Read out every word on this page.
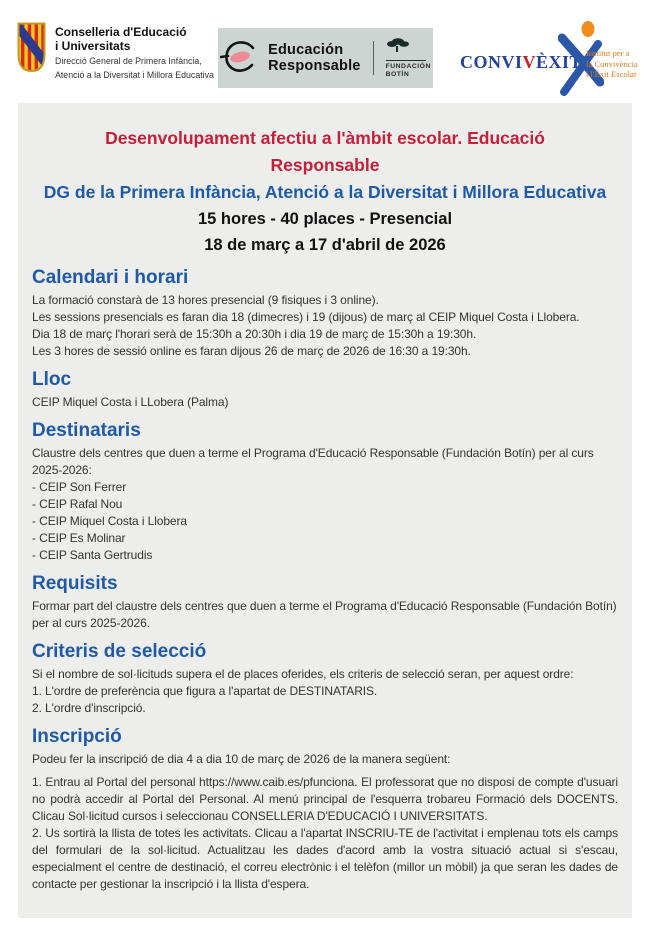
Conselleria d'Educació
i Universitats
Direcció General de Primera Infància,
Atenció a la Diversitat i Millora Educativa
Educación
Responsable	FUNDACIÓN
BOTÍN
CONVIVÈXIT Institut per a
la Convivència
i l'Èxit Escolar
Desenvolupament afectiu a l'àmbit escolar. Educació Responsable
DG de la Primera Infància, Atenció a la Diversitat i Millora Educativa
15 hores - 40 places - Presencial
18 de març a 17 d'abril de 2026
Calendari i horari
La formació constarà de 13 hores presencial (9 fisiques i 3 online).
Les sessions presencials es faran dia 18 (dimecres) i 19 (dijous) de març al CEIP Miquel Costa i Llobera.
Dia 18 de març l'horari serà de 15:30h a 20:30h i dia 19 de març de 15:30h a 19:30h.
Les 3 hores de sessió online es faran dijous 26 de març de 2026 de 16:30 a 19:30h.
Lloc
CEIP Miquel Costa i LLobera (Palma)
Destinataris
Claustre dels centres que duen a terme el Programa d'Educació Responsable (Fundación Botín) per al curs 2025-2026:
- CEIP Son Ferrer
- CEIP Rafal Nou
- CEIP Miquel Costa i Llobera
- CEIP Es Molinar
- CEIP Santa Gertrudis
Requisits
Formar part del claustre dels centres que duen a terme el Programa d'Educació Responsable (Fundación Botín) per al curs 2025-2026.
Criteris de selecció
Si el nombre de sol·licituds supera el de places oferides, els criteris de selecció seran, per aquest ordre:
1. L'ordre de preferència que figura a l'apartat de DESTINATARIS.
2. L'ordre d'inscripció.
Inscripció
Podeu fer la inscripció de dia 4 a dia 10 de març de 2026 de la manera següent:

1. Entrau al Portal del personal https://www.caib.es/pfunciona. El professorat que no disposi de compte d'usuari no podrà accedir al Portal del Personal. Al menú principal de l'esquerra trobareu Formació dels DOCENTS. Clicau Sol·licitud cursos i seleccionau CONSELLERIA D'EDUCACIÓ I UNIVERSITATS.

2. Us sortirà la llista de totes les activitats. Clicau a l'apartat INSCRIU-TE de l'activitat i emplenau tots els camps del formulari de la sol·licitud. Actualitzau les dades d'acord amb la vostra situació actual si s'escau, especialment el centre de destinació, el correu electrònic i el telèfon (millor un mòbil) ja que seran les dades de contacte per gestionar la inscripció i la llista d'espera.
